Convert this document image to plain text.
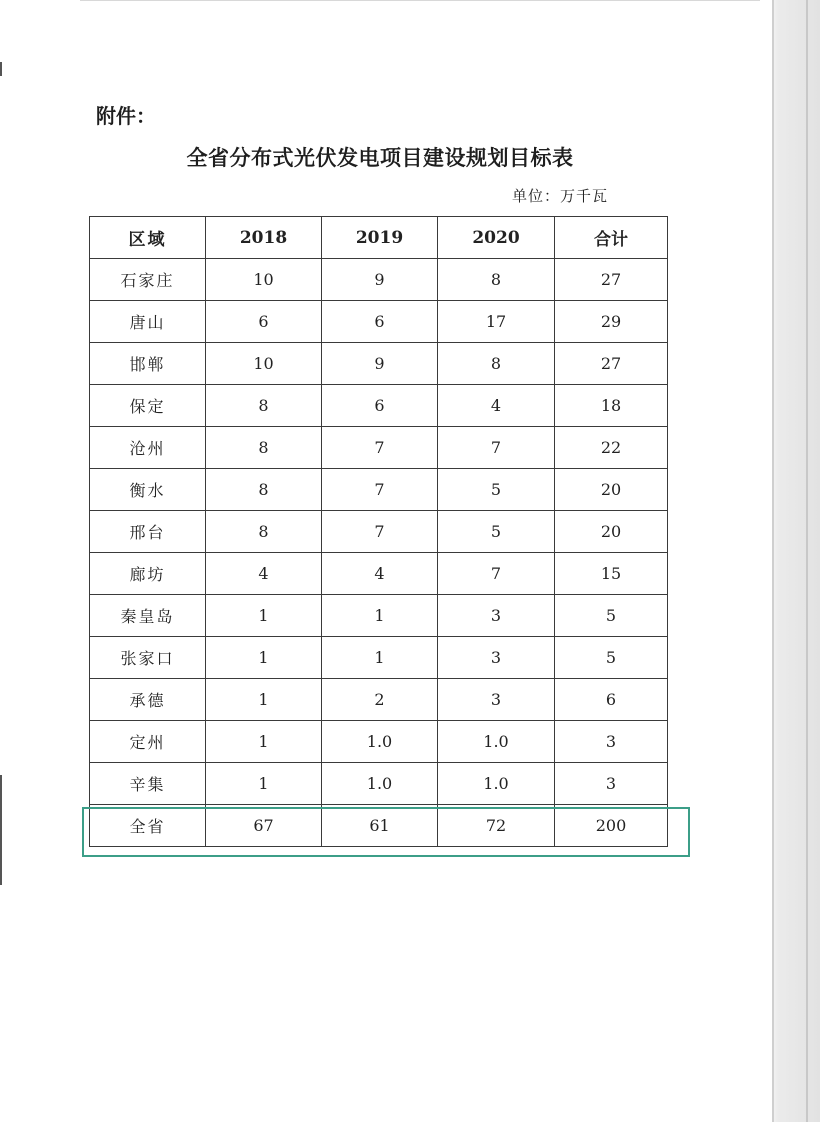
附件：
全省分布式光伏发电项目建设规划目标表
单位：万千瓦
区域	2018	2019	2020	合计
石家庄	10	9	8	27
唐山	6	6	17	29
邯郸	10	9	8	27
保定	8	6	4	18
沧州	8	7	7	22
衡水	8	7	5	20
邢台	8	7	5	20
廊坊	4	4	7	15
秦皇岛	1	1	3	5
张家口	1	1	3	5
承德	1	2	3	6
定州	1	1.0	1.0	3
辛集	1	1.0	1.0	3
全省	67	61	72	200
